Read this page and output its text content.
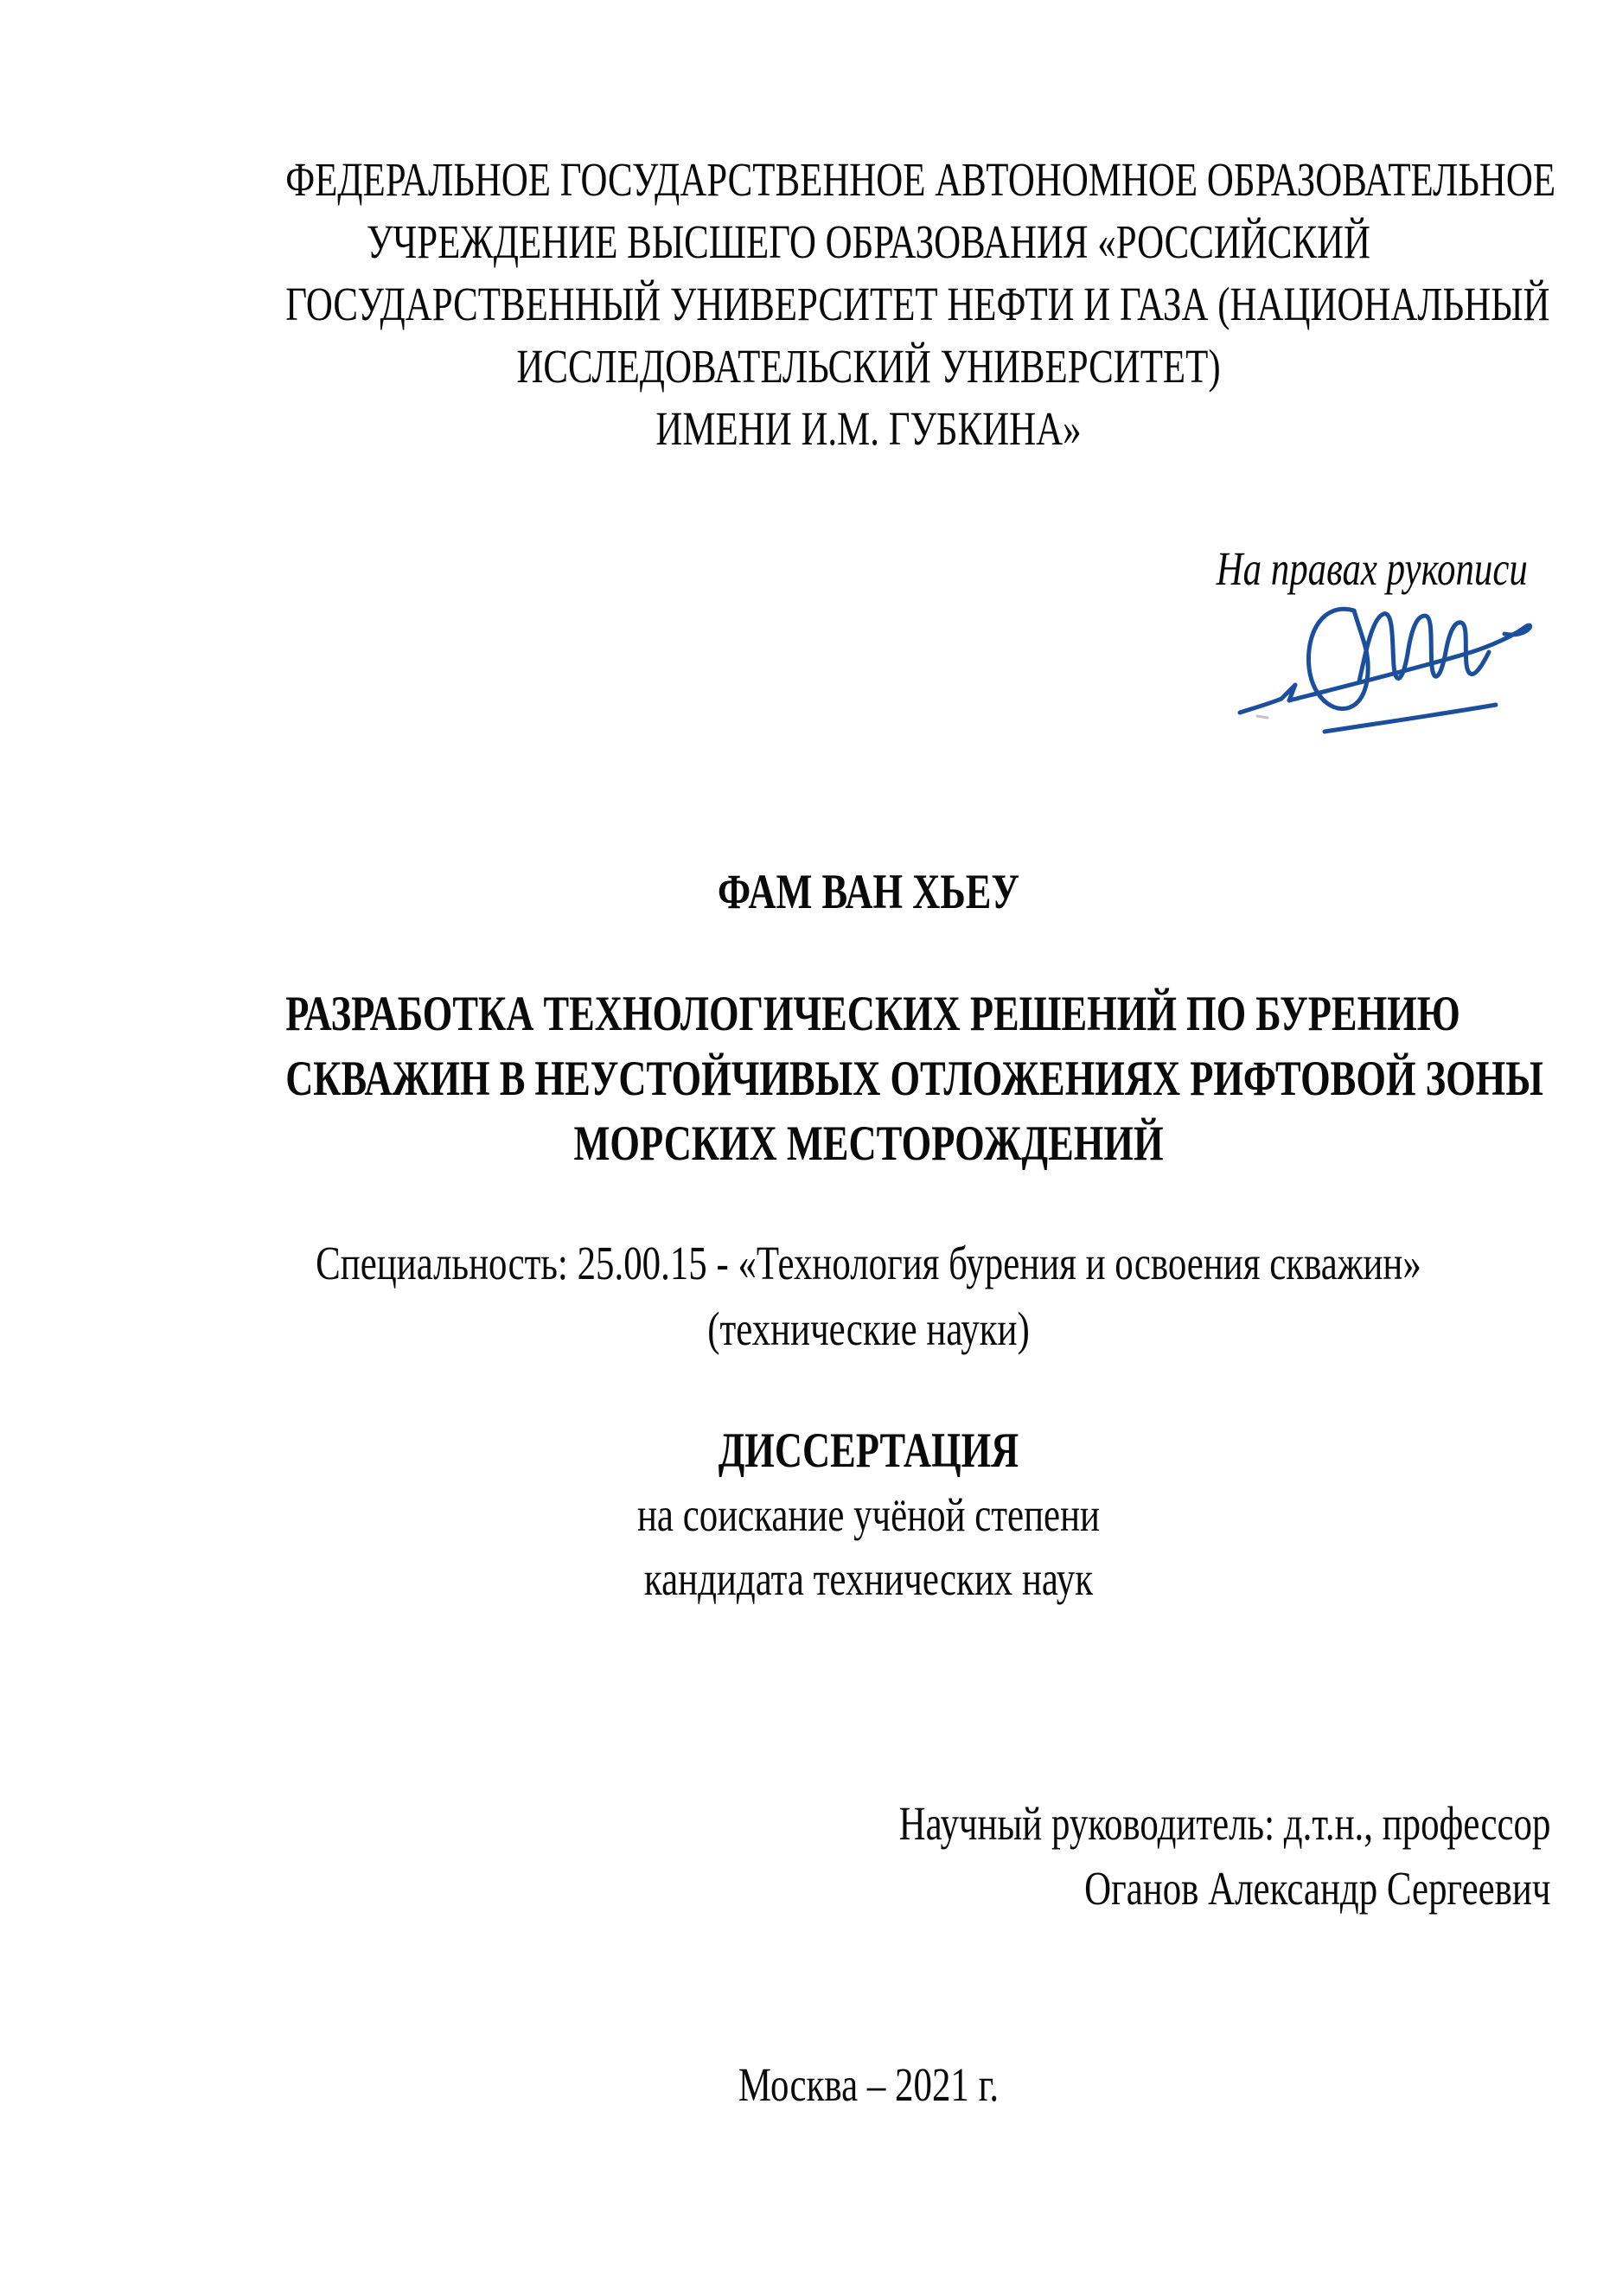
ФЕДЕРАЛЬНОЕ ГОСУДАРСТВЕННОЕ АВТОНОМНОЕ ОБРАЗОВАТЕЛЬНОЕ
УЧРЕЖДЕНИЕ ВЫСШЕГО ОБРАЗОВАНИЯ «РОССИЙСКИЙ
ГОСУДАРСТВЕННЫЙ УНИВЕРСИТЕТ НЕФТИ И ГАЗА (НАЦИОНАЛЬНЫЙ
ИССЛЕДОВАТЕЛЬСКИЙ УНИВЕРСИТЕТ)
ИМЕНИ И.М. ГУБКИНА»
На правах рукописи
ФАМ ВАН ХЬЕУ
РАЗРАБОТКА ТЕХНОЛОГИЧЕСКИХ РЕШЕНИЙ ПО БУРЕНИЮ
СКВАЖИН В НЕУСТОЙЧИВЫХ ОТЛОЖЕНИЯХ РИФТОВОЙ ЗОНЫ
МОРСКИХ МЕСТОРОЖДЕНИЙ
Специальность: 25.00.15 - «Технология бурения и освоения скважин»
(технические науки)
ДИССЕРТАЦИЯ
на соискание учёной степени
кандидата технических наук
Научный руководитель: д.т.н., профессор
Оганов Александр Сергеевич
Москва – 2021 г.
